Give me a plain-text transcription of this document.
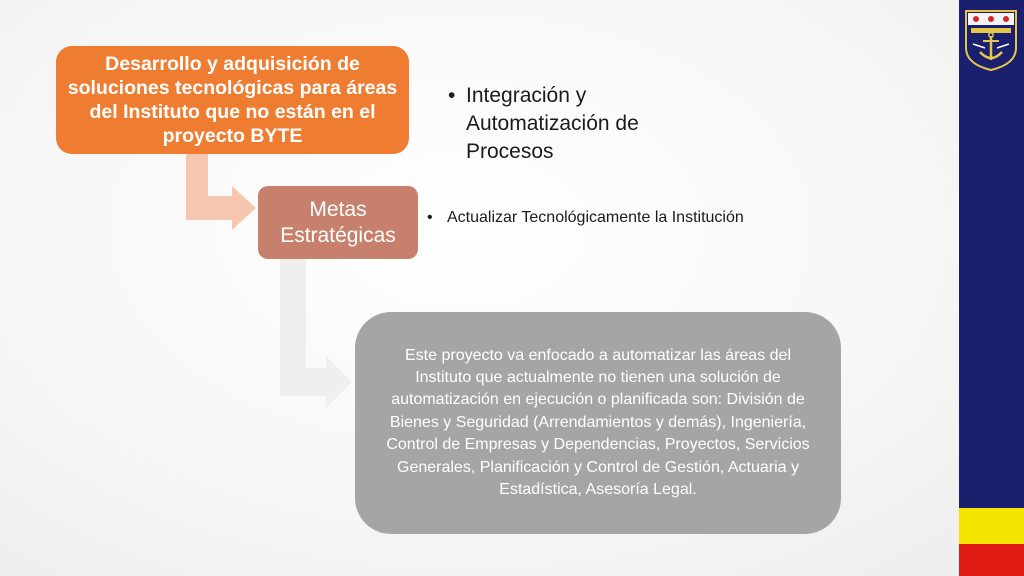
Desarrollo y adquisición de soluciones tecnológicas para áreas del Instituto que no están en el proyecto BYTE
• Integración y Automatización de Procesos
Metas Estratégicas
• Actualizar Tecnológicamente la Institución
Este proyecto va enfocado a automatizar las áreas del Instituto que actualmente no tienen una solución de automatización en ejecución o planificada son: División de Bienes y Seguridad (Arrendamientos y demás), Ingeniería, Control de Empresas y Dependencias, Proyectos, Servicios Generales, Planificación y Control de Gestión, Actuaria y Estadística, Asesoría Legal.
